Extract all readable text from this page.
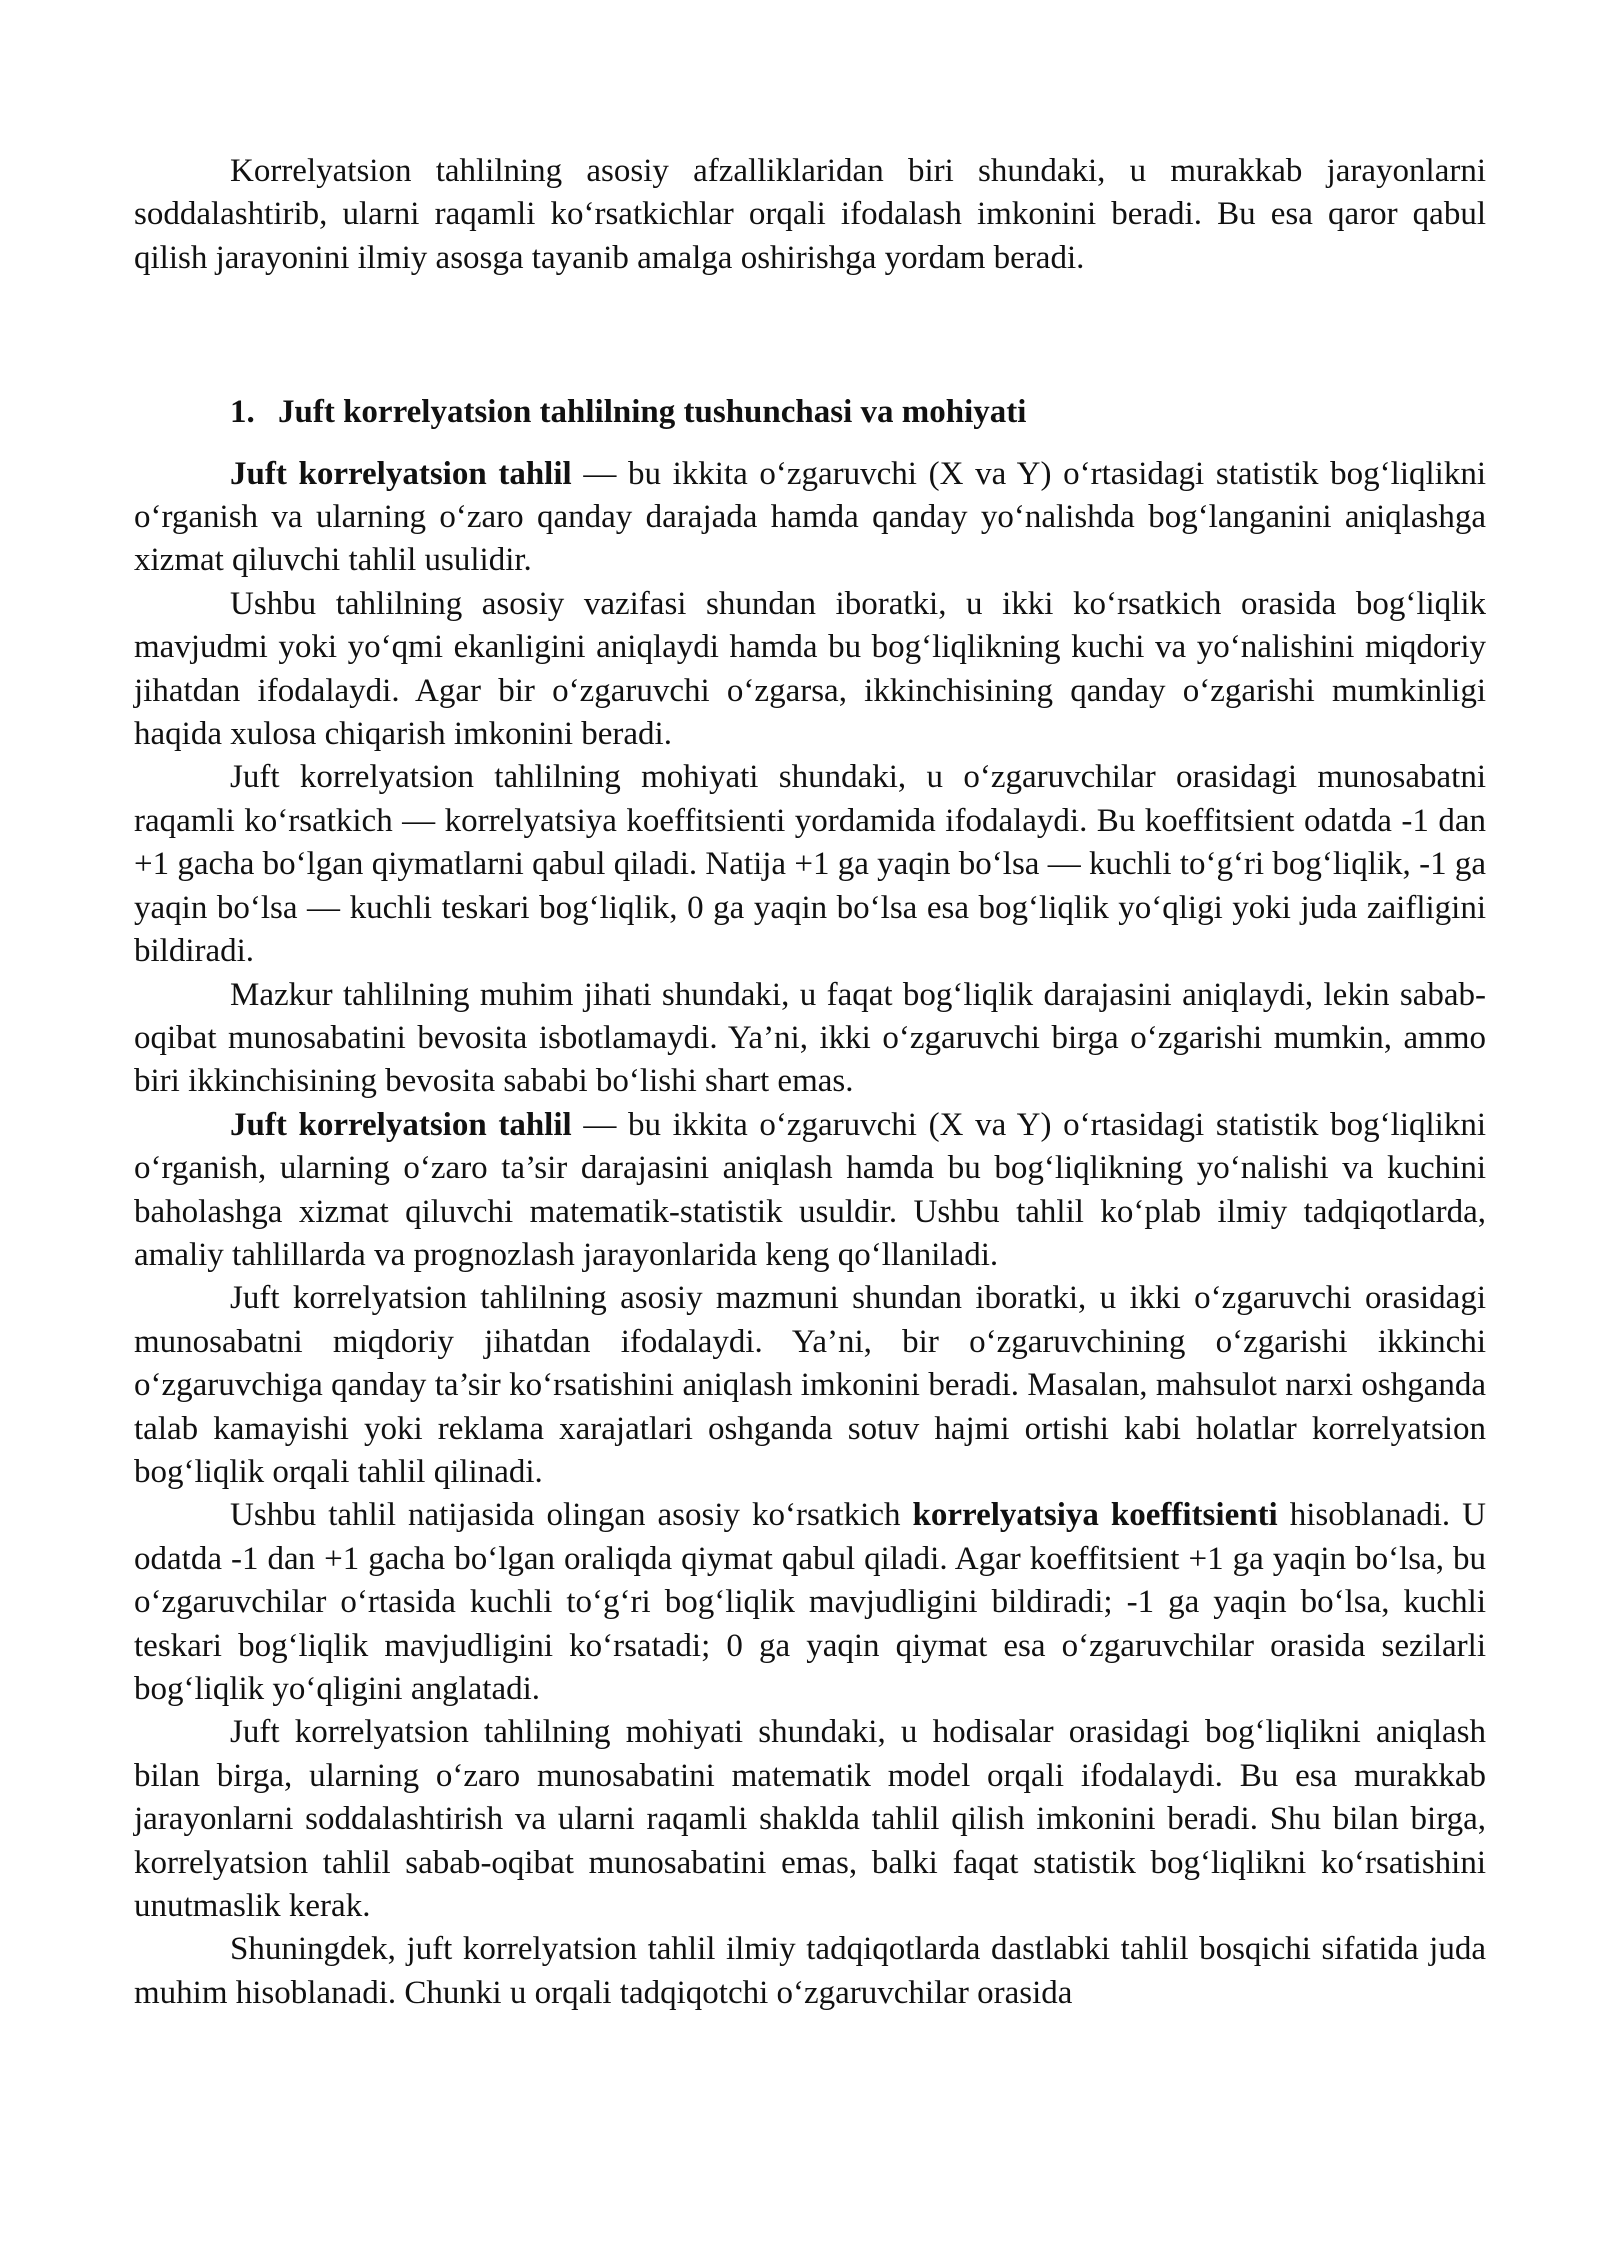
Korrelyatsion tahlilning asosiy afzalliklaridan biri shundaki, u murakkab jarayonlarni soddalashtirib, ularni raqamli ko‘rsatkichlar orqali ifodalash imkonini beradi. Bu esa qaror qabul qilish jarayonini ilmiy asosga tayanib amalga oshirishga yordam beradi.

1. Juft korrelyatsion tahlilning tushunchasi va mohiyati

Juft korrelyatsion tahlil — bu ikkita o‘zgaruvchi (X va Y) o‘rtasidagi statistik bog‘liqlikni o‘rganish va ularning o‘zaro qanday darajada hamda qanday yo‘nalishda bog‘langanini aniqlashga xizmat qiluvchi tahlil usulidir.

Ushbu tahlilning asosiy vazifasi shundan iboratki, u ikki ko‘rsatkich orasida bog‘liqlik mavjudmi yoki yo‘qmi ekanligini aniqlaydi hamda bu bog‘liqlikning kuchi va yo‘nalishini miqdoriy jihatdan ifodalaydi. Agar bir o‘zgaruvchi o‘zgarsa, ikkinchisining qanday o‘zgarishi mumkinligi haqida xulosa chiqarish imkonini beradi.

Juft korrelyatsion tahlilning mohiyati shundaki, u o‘zgaruvchilar orasidagi munosabatni raqamli ko‘rsatkich — korrelyatsiya koeffitsienti yordamida ifodalaydi. Bu koeffitsient odatda -1 dan +1 gacha bo‘lgan qiymatlarni qabul qiladi. Natija +1 ga yaqin bo‘lsa — kuchli to‘g‘ri bog‘liqlik, -1 ga yaqin bo‘lsa — kuchli teskari bog‘liqlik, 0 ga yaqin bo‘lsa esa bog‘liqlik yo‘qligi yoki juda zaifligini bildiradi.

Mazkur tahlilning muhim jihati shundaki, u faqat bog‘liqlik darajasini aniqlaydi, lekin sabab-oqibat munosabatini bevosita isbotlamaydi. Ya’ni, ikki o‘zgaruvchi birga o‘zgarishi mumkin, ammo biri ikkinchisining bevosita sababi bo‘lishi shart emas.

Juft korrelyatsion tahlil — bu ikkita o‘zgaruvchi (X va Y) o‘rtasidagi statistik bog‘liqlikni o‘rganish, ularning o‘zaro ta’sir darajasini aniqlash hamda bu bog‘liqlikning yo‘nalishi va kuchini baholashga xizmat qiluvchi matematik-statistik usuldir. Ushbu tahlil ko‘plab ilmiy tadqiqotlarda, amaliy tahlillarda va prognozlash jarayonlarida keng qo‘llaniladi.

Juft korrelyatsion tahlilning asosiy mazmuni shundan iboratki, u ikki o‘zgaruvchi orasidagi munosabatni miqdoriy jihatdan ifodalaydi. Ya’ni, bir o‘zgaruvchining o‘zgarishi ikkinchi o‘zgaruvchiga qanday ta’sir ko‘rsatishini aniqlash imkonini beradi. Masalan, mahsulot narxi oshganda talab kamayishi yoki reklama xarajatlari oshganda sotuv hajmi ortishi kabi holatlar korrelyatsion bog‘liqlik orqali tahlil qilinadi.

Ushbu tahlil natijasida olingan asosiy ko‘rsatkich korrelyatsiya koeffitsienti hisoblanadi. U odatda -1 dan +1 gacha bo‘lgan oraliqda qiymat qabul qiladi. Agar koeffitsient +1 ga yaqin bo‘lsa, bu o‘zgaruvchilar o‘rtasida kuchli to‘g‘ri bog‘liqlik mavjudligini bildiradi; -1 ga yaqin bo‘lsa, kuchli teskari bog‘liqlik mavjudligini ko‘rsatadi; 0 ga yaqin qiymat esa o‘zgaruvchilar orasida sezilarli bog‘liqlik yo‘qligini anglatadi.

Juft korrelyatsion tahlilning mohiyati shundaki, u hodisalar orasidagi bog‘liqlikni aniqlash bilan birga, ularning o‘zaro munosabatini matematik model orqali ifodalaydi. Bu esa murakkab jarayonlarni soddalashtirish va ularni raqamli shaklda tahlil qilish imkonini beradi. Shu bilan birga, korrelyatsion tahlil sabab-oqibat munosabatini emas, balki faqat statistik bog‘liqlikni ko‘rsatishini unutmaslik kerak.

Shuningdek, juft korrelyatsion tahlil ilmiy tadqiqotlarda dastlabki tahlil bosqichi sifatida juda muhim hisoblanadi. Chunki u orqali tadqiqotchi o‘zgaruvchilar orasida
